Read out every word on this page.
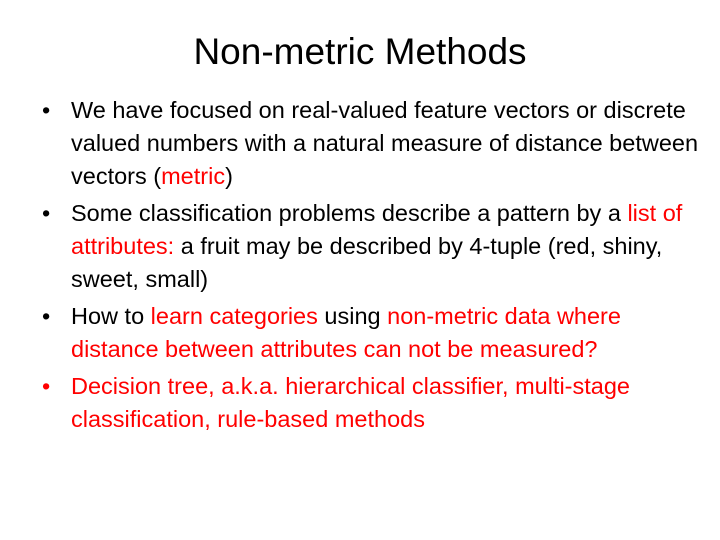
Non-metric Methods
• We have focused on real-valued feature vectors or discrete valued numbers with a natural measure of distance between vectors (metric)
• Some classification problems describe a pattern by a list of attributes: a fruit may be described by 4-tuple (red, shiny, sweet, small)
• How to learn categories using non-metric data where distance between attributes can not be measured?
• Decision tree, a.k.a. hierarchical classifier, multi-stage classification, rule-based methods
